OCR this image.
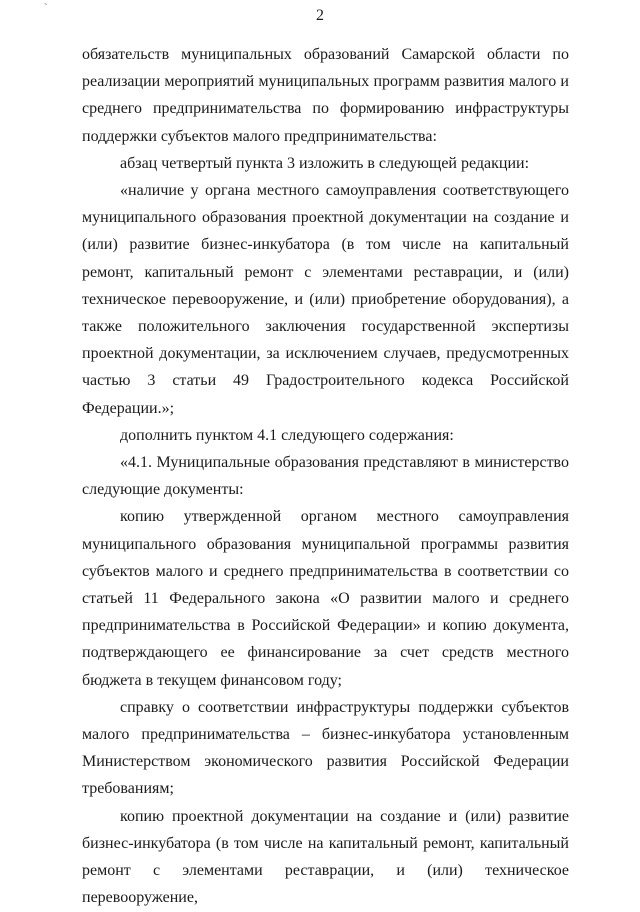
`	2

обязательств муниципальных образований Самарской области по реализации мероприятий муниципальных программ развития малого и среднего предпринимательства по формированию инфраструктуры поддержки субъектов малого предпринимательства:

абзац четвертый пункта 3 изложить в следующей редакции:

«наличие у органа местного самоуправления соответствующего муниципального образования проектной документации на создание и (или) развитие бизнес-инкубатора (в том числе на капитальный ремонт, капитальный ремонт с элементами реставрации, и (или) техническое перевооружение, и (или) приобретение оборудования), а также положительного заключения государственной экспертизы проектной документации, за исключением случаев, предусмотренных частью 3 статьи 49 Градостроительного кодекса Российской Федерации.»;

дополнить пунктом 4.1 следующего содержания:

«4.1. Муниципальные образования представляют в министерство следующие документы:

копию утвержденной органом местного самоуправления муниципального образования муниципальной программы развития субъектов малого и среднего предпринимательства в соответствии со статьей 11 Федерального закона «О развитии малого и среднего предпринимательства в Российской Федерации» и копию документа, подтверждающего ее финансирование за счет средств местного бюджета в текущем финансовом году;

справку о соответствии инфраструктуры поддержки субъектов малого предпринимательства – бизнес-инкубатора установленным Министерством экономического развития Российской Федерации требованиям;

копию проектной документации на создание и (или) развитие бизнес-инкубатора (в том числе на капитальный ремонт, капитальный ремонт с элементами реставрации, и (или) техническое перевооружение,
